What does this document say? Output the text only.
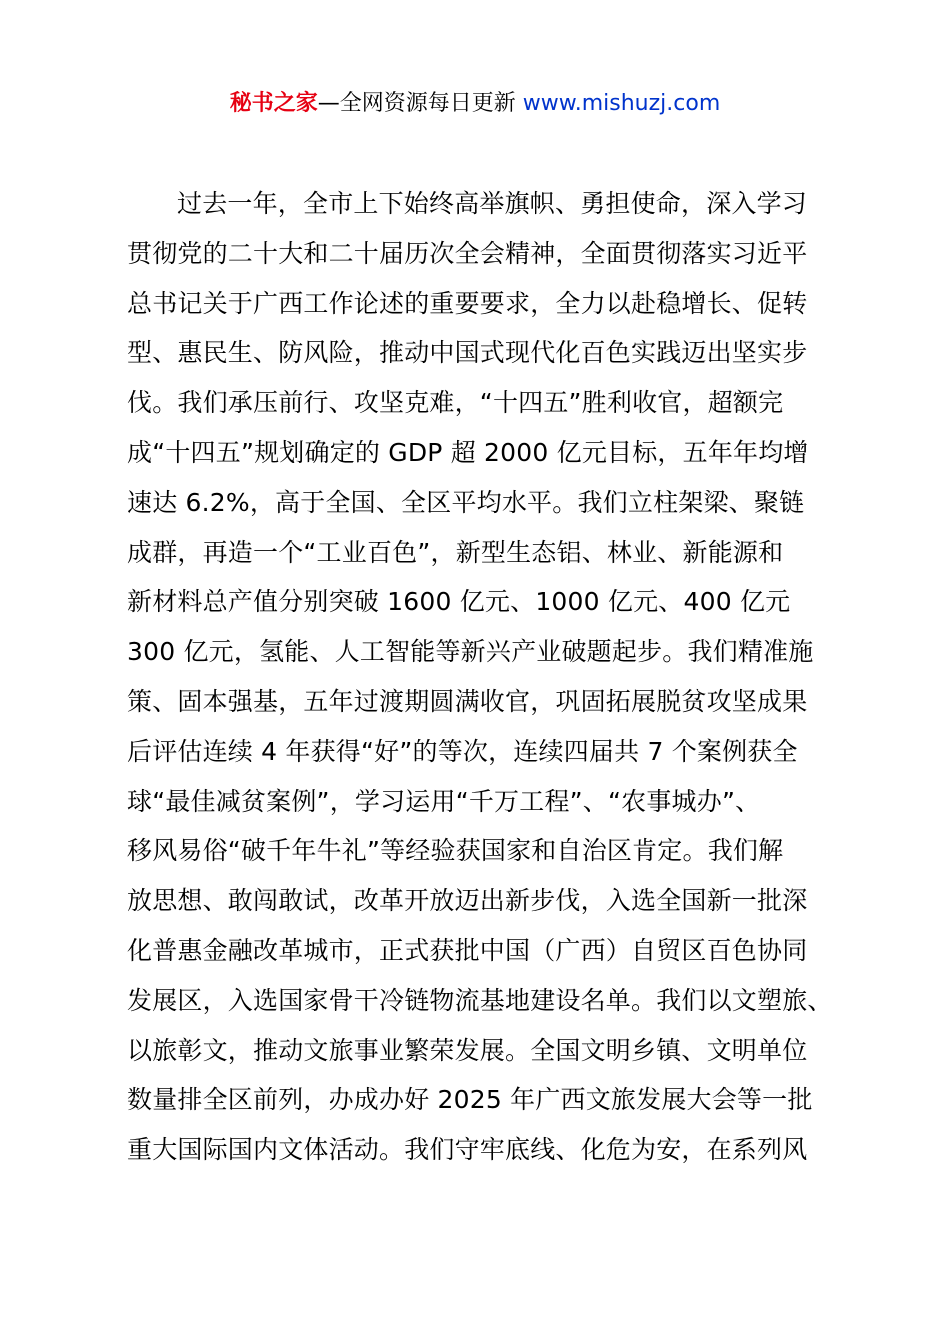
秘书之家—全网资源每日更新 www.mishuzj.com
过去一年，全市上下始终高举旗帜、勇担使命，深入学习
贯彻党的二十大和二十届历次全会精神，全面贯彻落实习近平
总书记关于广西工作论述的重要要求，全力以赴稳增长、促转
型、惠民生、防风险，推动中国式现代化百色实践迈出坚实步
伐。我们承压前行、攻坚克难，“十四五”胜利收官，超额完
成“十四五”规划确定的 GDP 超 2000 亿元目标，五年年均增
速达 6.2%，高于全国、全区平均水平。我们立柱架梁、聚链
成群，再造一个“工业百色”，新型生态铝、林业、新能源和
新材料总产值分别突破 1600 亿元、1000 亿元、400 亿元
300 亿元，氢能、人工智能等新兴产业破题起步。我们精准施
策、固本强基，五年过渡期圆满收官，巩固拓展脱贫攻坚成果
后评估连续 4 年获得“好”的等次，连续四届共 7 个案例获全
球“最佳减贫案例”，学习运用“千万工程”、“农事城办”、
移风易俗“破千年牛礼”等经验获国家和自治区肯定。我们解
放思想、敢闯敢试，改革开放迈出新步伐，入选全国新一批深
化普惠金融改革城市，正式获批中国（广西）自贸区百色协同
发展区，入选国家骨干冷链物流基地建设名单。我们以文塑旅、
以旅彰文，推动文旅事业繁荣发展。全国文明乡镇、文明单位
数量排全区前列，办成办好 2025 年广西文旅发展大会等一批
重大国际国内文体活动。我们守牢底线、化危为安，在系列风
